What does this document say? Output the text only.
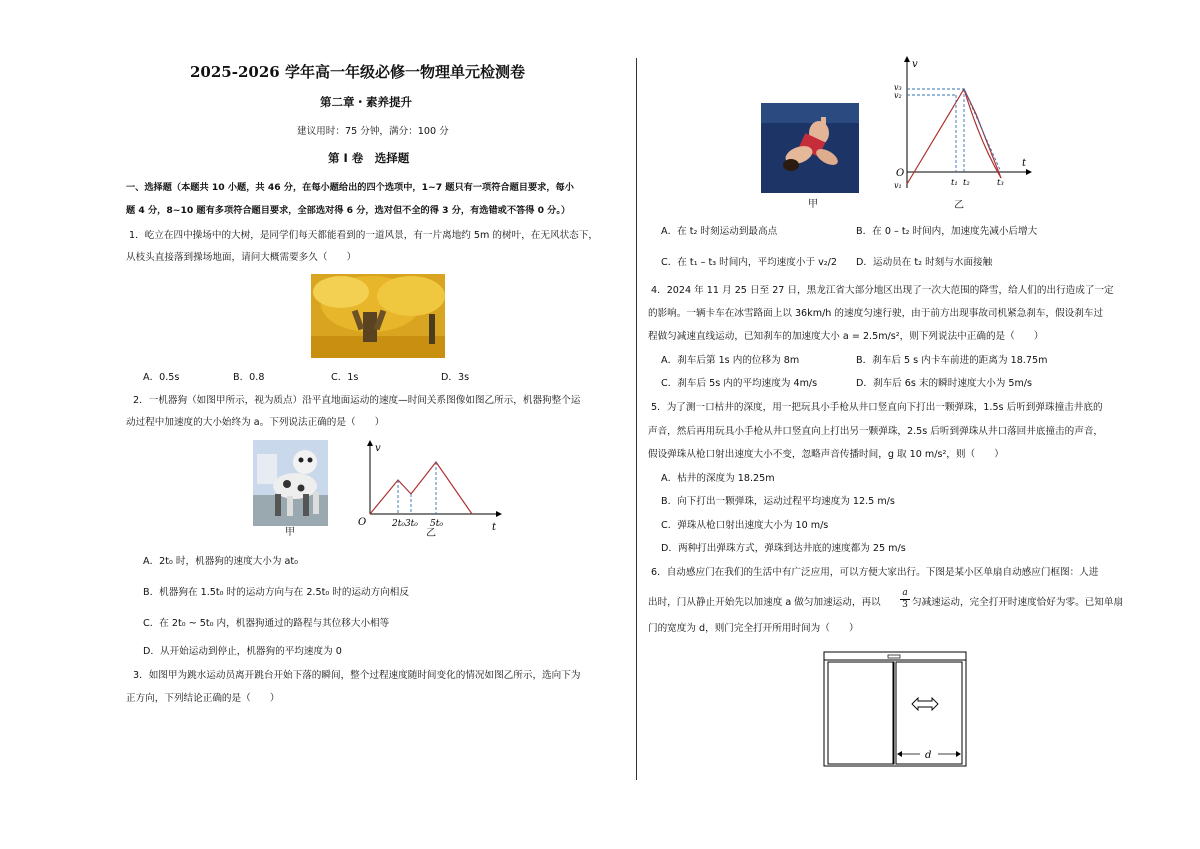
2025-2026 学年高一年级必修一物理单元检测卷
第二章・素养提升
建议用时：75 分钟，满分：100 分
第 I 卷　选择题
一、选择题（本题共 10 小题，共 46 分，在每小题给出的四个选项中，1~7 题只有一项符合题目要求，每小
题 4 分，8~10 题有多项符合题目要求，全部选对得 6 分，选对但不全的得 3 分，有选错或不答得 0 分。）
1．屹立在四中操场中的大树，是同学们每天都能看到的一道风景，有一片离地约 5m 的树叶，在无风状态下，
从枝头直接落到操场地面，请问大概需要多久（　　）
A．0.5s	B．0.8	C．1s	D．3s
2．一机器狗（如图甲所示，视为质点）沿平直地面运动的速度—时间关系图像如图乙所示，机器狗整个运
动过程中加速度的大小始终为 a。下列说法正确的是（　　）
甲
v
t
O	2t₀3t₀ 5t₀
乙
A．2t₀ 时，机器狗的速度大小为 at₀
B．机器狗在 1.5t₀ 时的运动方向与在 2.5t₀ 时的运动方向相反
C．在 2t₀ ~ 5t₀ 内，机器狗通过的路程与其位移大小相等
D．从开始运动到停止，机器狗的平均速度为 0
3．如图甲为跳水运动员离开跳台开始下落的瞬间，整个过程速度随时间变化的情况如图乙所示，选向下为
正方向，下列结论正确的是（　　）
甲
v
t
O
v₁
v₂
v₃
t₁ t₂	t₃
乙
A．在 t₂ 时刻运动到最高点	B．在 0 – t₂ 时间内，加速度先减小后增大
C．在 t₁ – t₃ 时间内，平均速度小于 v₂/2 D．运动员在 t₂ 时刻与水面接触
4．2024 年 11 月 25 日至 27 日，黑龙江省大部分地区出现了一次大范围的降雪，给人们的出行造成了一定
的影响。一辆卡车在冰雪路面上以 36km/h 的速度匀速行驶，由于前方出现事故司机紧急刹车，假设刹车过
程做匀减速直线运动，已知刹车的加速度大小 a = 2.5m/s²，则下列说法中正确的是（　　）
A．刹车后第 1s 内的位移为 8m	B．刹车后 5 s 内卡车前进的距离为 18.75m
C．刹车后 5s 内的平均速度为 4m/s	D．刹车后 6s 末的瞬时速度大小为 5m/s
5．为了测一口枯井的深度，用一把玩具小手枪从井口竖直向下打出一颗弹珠，1.5s 后听到弹珠撞击井底的
声音，然后再用玩具小手枪从井口竖直向上打出另一颗弹珠，2.5s 后听到弹珠从井口落回井底撞击的声音，
假设弹珠从枪口射出速度大小不变，忽略声音传播时间，g 取 10 m/s²，则（　　）
A．枯井的深度为 18.25m
B．向下打出一颗弹珠，运动过程平均速度为 12.5 m/s
C．弹珠从枪口射出速度大小为 10 m/s
D．两种打出弹珠方式，弹珠到达井底的速度都为 25 m/s
6．自动感应门在我们的生活中有广泛应用，可以方便大家出行。下图是某小区单扇自动感应门框图：人进
出时，门从静止开始先以加速度 a 做匀加速运动，再以 $\frac{a}{3}$ 匀减速运动，完全打开时速度恰好为零。已知单扇
门的宽度为 d，则门完全打开所用时间为（　　）
d
